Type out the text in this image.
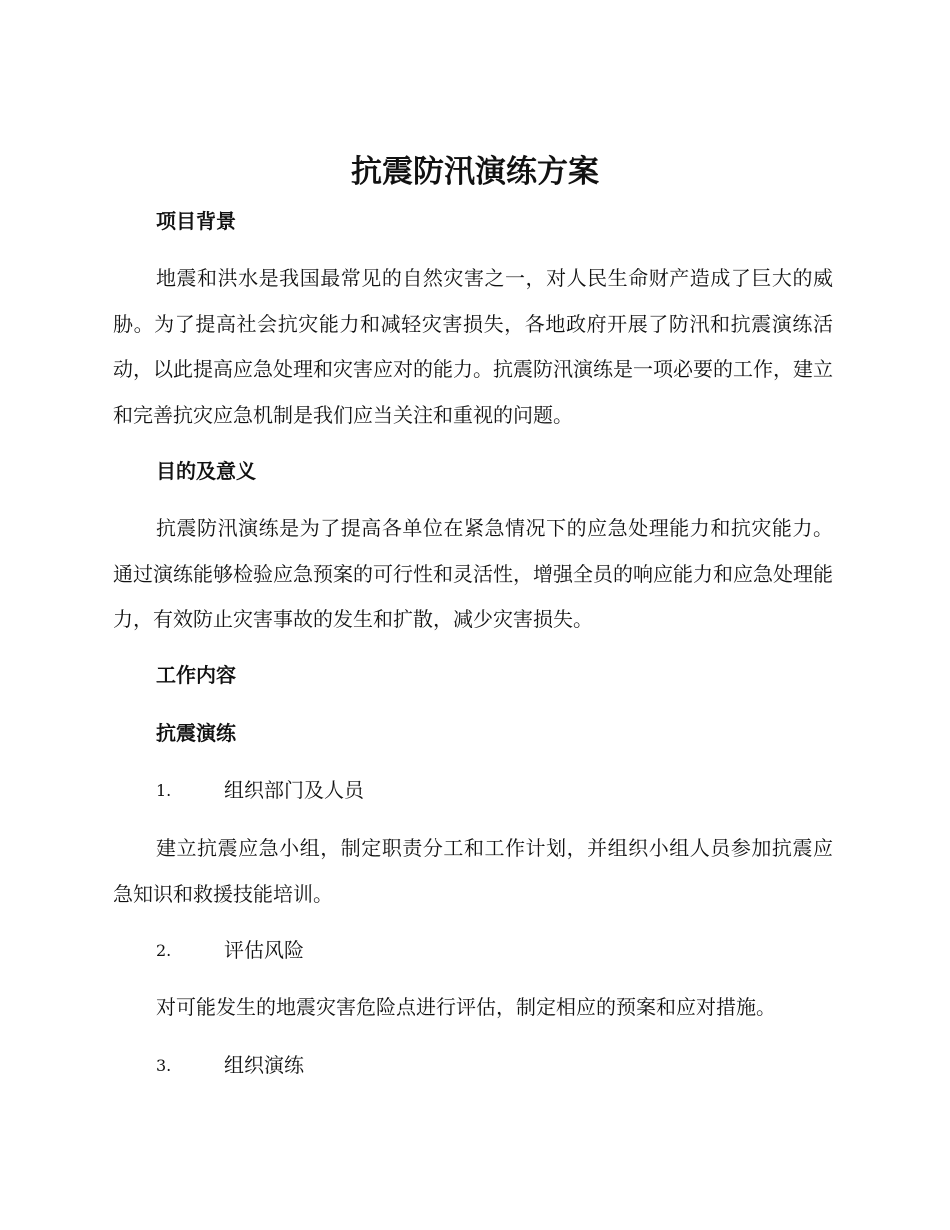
抗震防汛演练方案
项目背景
地震和洪水是我国最常见的自然灾害之一，对人民生命财产造成了巨大的威胁。为了提高社会抗灾能力和减轻灾害损失，各地政府开展了防汛和抗震演练活动，以此提高应急处理和灾害应对的能力。抗震防汛演练是一项必要的工作，建立和完善抗灾应急机制是我们应当关注和重视的问题。
目的及意义
抗震防汛演练是为了提高各单位在紧急情况下的应急处理能力和抗灾能力。通过演练能够检验应急预案的可行性和灵活性，增强全员的响应能力和应急处理能力，有效防止灾害事故的发生和扩散，减少灾害损失。
工作内容
抗震演练
1.	组织部门及人员
建立抗震应急小组，制定职责分工和工作计划，并组织小组人员参加抗震应急知识和救援技能培训。
2.	评估风险
对可能发生的地震灾害危险点进行评估，制定相应的预案和应对措施。
3.	组织演练
